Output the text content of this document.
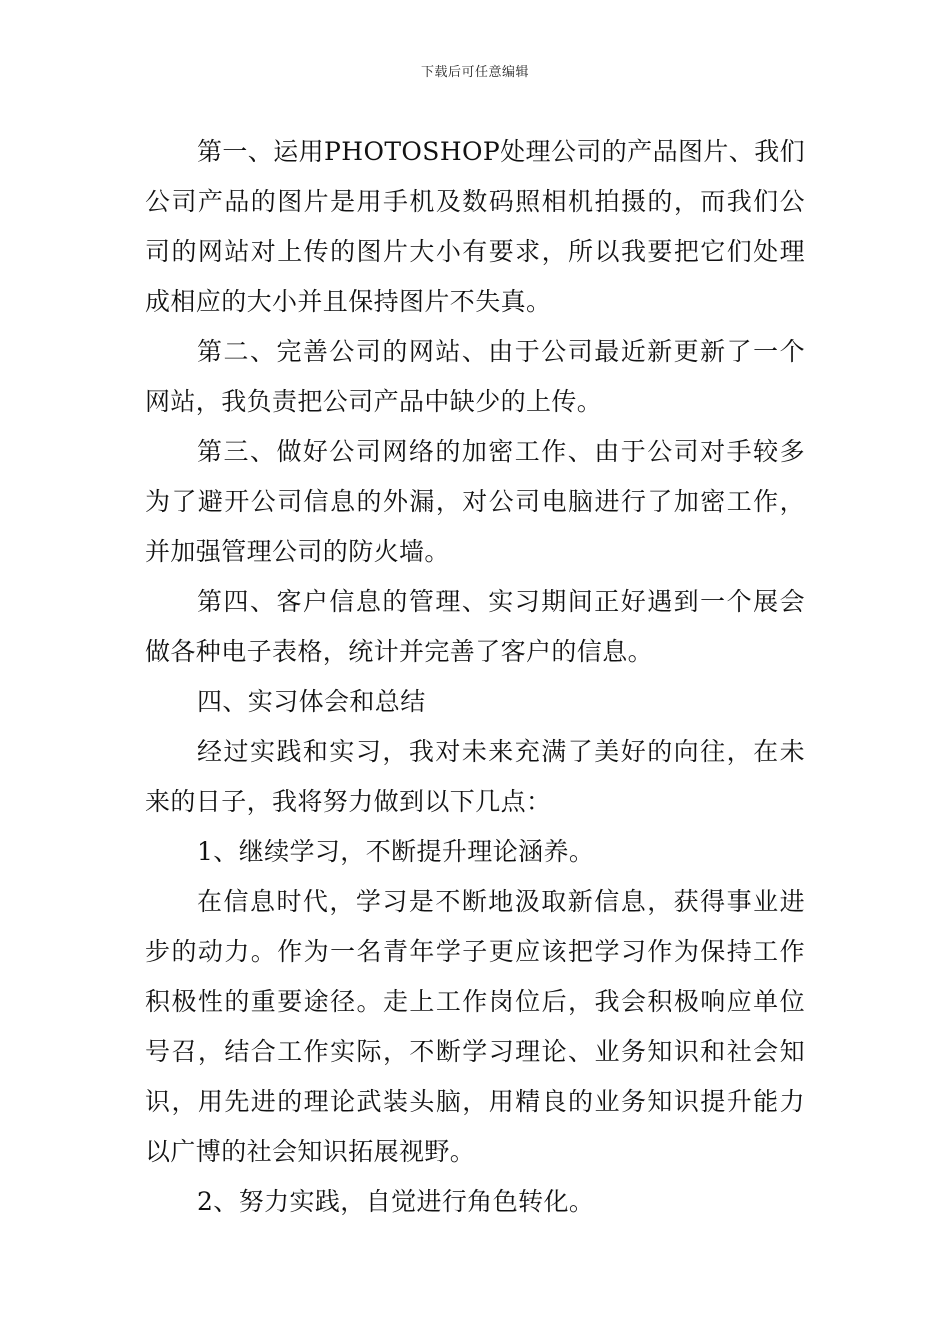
下载后可任意编辑

第一、运用PHOTOSHOP处理公司的产品图片、我们公司产品的图片是用手机及数码照相机拍摄的，而我们公司的网站对上传的图片大小有要求，所以我要把它们处理成相应的大小并且保持图片不失真。

第二、完善公司的网站、由于公司最近新更新了一个网站，我负责把公司产品中缺少的上传。

第三、做好公司网络的加密工作、由于公司对手较多为了避开公司信息的外漏，对公司电脑进行了加密工作，并加强管理公司的防火墙。

第四、客户信息的管理、实习期间正好遇到一个展会做各种电子表格，统计并完善了客户的信息。

四、实习体会和总结

经过实践和实习，我对未来充满了美好的向往，在未来的日子，我将努力做到以下几点：

1、继续学习，不断提升理论涵养。

在信息时代，学习是不断地汲取新信息，获得事业进步的动力。作为一名青年学子更应该把学习作为保持工作积极性的重要途径。走上工作岗位后，我会积极响应单位号召，结合工作实际，不断学习理论、业务知识和社会知识，用先进的理论武装头脑，用精良的业务知识提升能力以广博的社会知识拓展视野。

2、努力实践，自觉进行角色转化。
